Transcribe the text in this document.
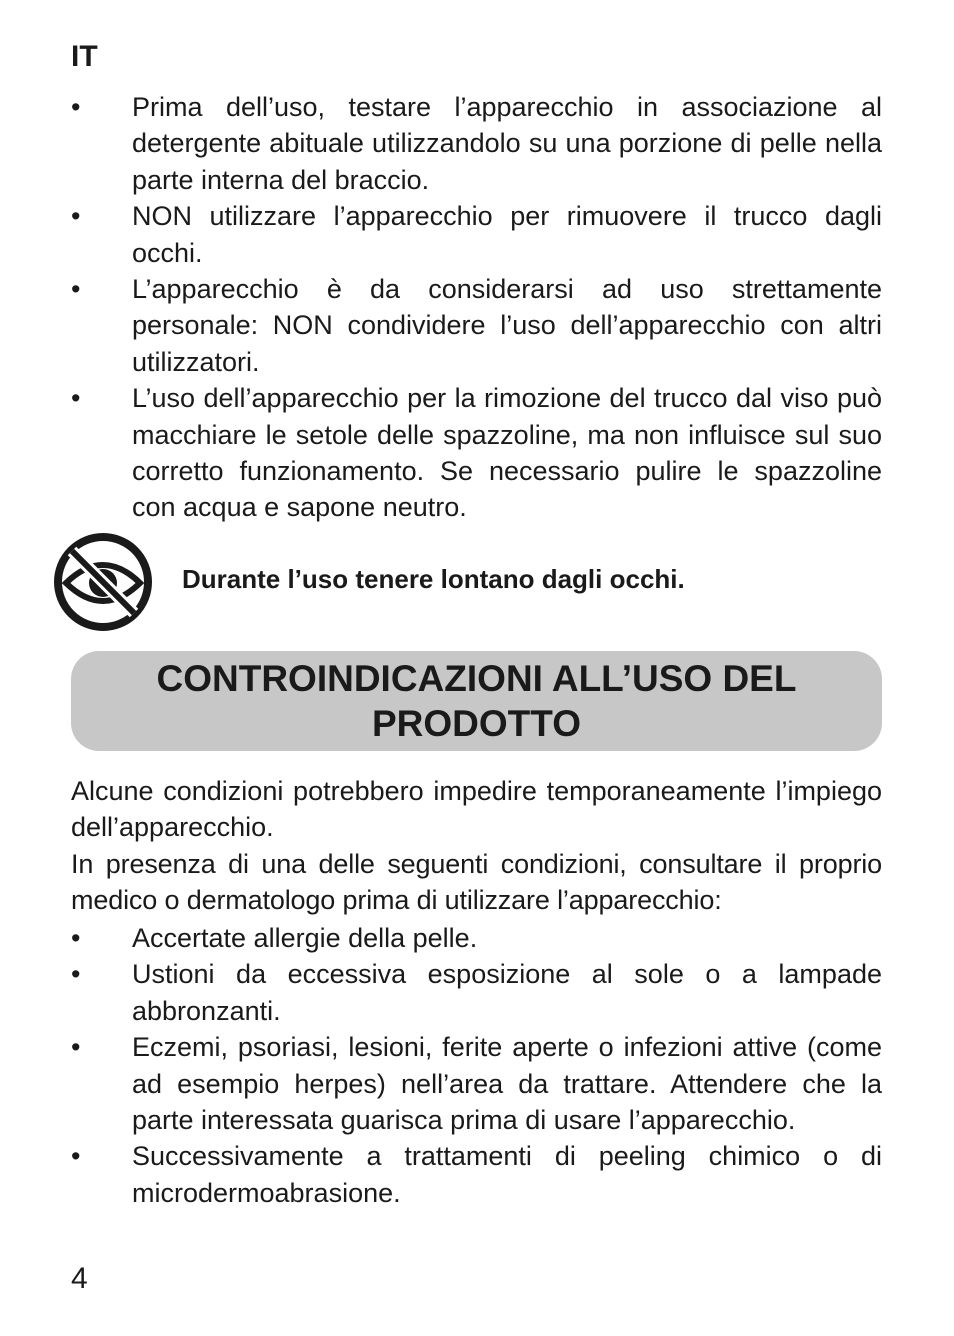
IT
•	Prima dell’uso, testare l’apparecchio in associazione al detergente abituale utilizzandolo su una porzione di pelle nella parte interna del braccio.
•	NON utilizzare l’apparecchio per rimuovere il trucco dagli occhi.
•	L’apparecchio è da considerarsi ad uso strettamente personale: NON condividere l’uso dell’apparecchio con altri utilizzatori.
•	L’uso dell’apparecchio per la rimozione del trucco dal viso può macchiare le setole delle spazzoline, ma non influisce sul suo corretto funzionamento. Se necessario pulire le spazzoline con acqua e sapone neutro.
Durante l’uso tenere lontano dagli occhi.
CONTROINDICAZIONI ALL’USO DEL
PRODOTTO

Alcune condizioni potrebbero impedire temporaneamente l’impiego dell’apparecchio.

In presenza di una delle seguenti condizioni, consultare il proprio medico o dermatologo prima di utilizzare l’apparecchio:

•	Accertate allergie della pelle.
•	Ustioni da eccessiva esposizione al sole o a lampade abbronzanti.
•	Eczemi, psoriasi, lesioni, ferite aperte o infezioni attive (come ad esempio herpes) nell’area da trattare. Attendere che la parte interessata guarisca prima di usare l’apparecchio.
•	Successivamente a trattamenti di peeling chimico o di microdermoabrasione.
4
